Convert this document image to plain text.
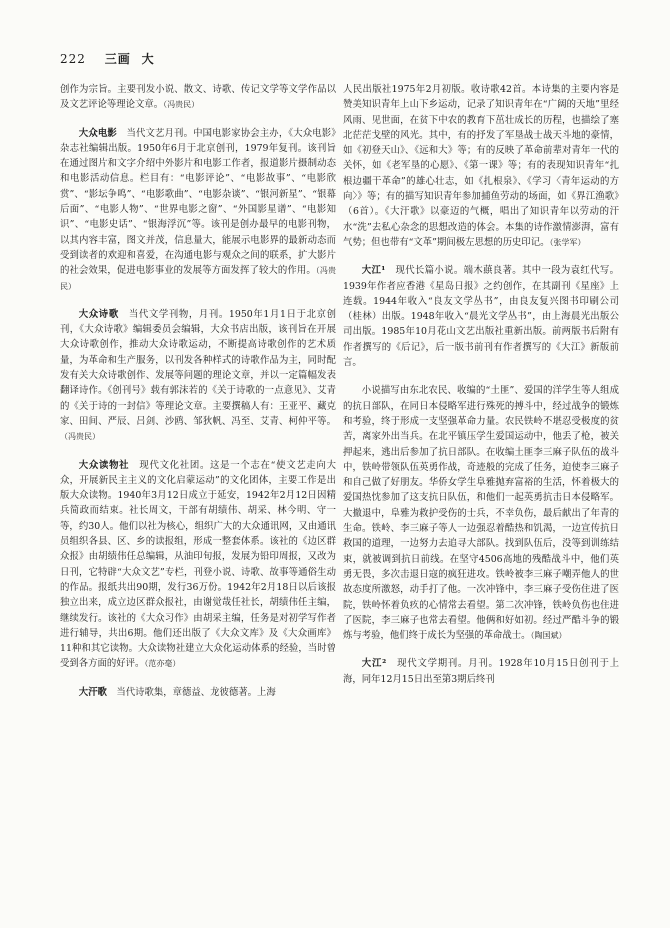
222 三画 大

创作为宗旨。主要刊发小说、散文、诗歌、传记文学等文学作品以及文艺评论等理论文章。（冯贵民）

大众电影　 当代文艺月刊。中国电影家协会主办，《大众电影》杂志社编辑出版。1950年6月于北京创刊，1979年复刊。该刊旨在通过图片和文字介绍中外影片和电影工作者，报道影片摄制动态和电影活动信息。栏目有：“电影评论”、“电影故事”、“电影欣赏”、“影坛争鸣”、“电影歌曲”、“电影杂谈”、“银河新星”、“银幕后面”、“电影人物”、“世界电影之窗”、“外国影星谱”、“电影知识”、“电影史话”、“银海浮沉”等。该刊是创办最早的电影刊物，以其内容丰富，图文并茂，信息量大，能展示电影界的最新动态而受到读者的欢迎和喜爱，在沟通电影与观众之间的联系，扩大影片的社会效果，促进电影事业的发展等方面发挥了较大的作用。（冯贵民）

大众诗歌　 当代文学刊物，月刊。1950年1月1日于北京创刊，《大众诗歌》编辑委员会编辑，大众书店出版，该刊旨在开展大众诗歌创作，推动大众诗歌运动，不断提高诗歌创作的艺术质量，为革命和生产服务，以刊发各种样式的诗歌作品为主，同时配发有关大众诗歌创作、发展等问题的理论文章，并以一定篇幅发表翻译诗作。《创刊号》载有郭沫若的《关于诗歌的一点意见》、艾青的《关于诗的一封信》等理论文章。主要撰稿人有：王亚平、藏克家、田间、严辰、吕剑、沙鸥、邹狄帆、冯至、艾青、柯仲平等。（冯贵民）

大众读物社　 现代文化社团。这是一个志在“使文艺走向大众，开展新民主主义的文化启蒙运动”的文化团体，主要工作是出版大众读物。1940年3月12日成立于延安，1942年2月12日因精兵简政而结束。社长周文，干部有胡绩伟、胡采、林今明、守一等，约30人。他们以社为核心，组织广大的大众通讯网，又由通讯员组织各县、区、乡的读报组，形成一整套体系。该社的《边区群众报》由胡绩伟任总编辑，从油印旬报，发展为铅印周报，又改为日刊，它特辟“大众文艺”专栏，刊登小说、诗歌、故事等通俗生动的作品。报纸共出90期，发行36万份。1942年2月18日以后该报独立出来，成立边区群众报社，由谢觉哉任社长，胡绩伟任主编，继续发行。该社的《大众习作》由胡采主编，任务是对初学写作者进行辅导，共出6期。他们还出版了《大众文库》及《大众画库》11种和其它读物。大众读物社建立大众化运动体系的经验，当时曾受到各方面的好评。（范亦毫）

大汗歌　 当代诗歌集，章德益、龙彼德著。上海

人民出版社1975年2月初版。收诗歌42首。本诗集的主要内容是赞美知识青年上山下乡运动，记录了知识青年在“广阔的天地”里经风雨、见世面，在贫下中农的教育下茁壮成长的历程，也描绘了塞北茫茫戈壁的风光。其中，有的抒发了军垦战士战天斗地的豪情，如《初登天山》、《远和大》等；有的反映了革命前辈对青年一代的关怀，如《老军垦的心愿》、《第一课》等；有的表现知识青年“扎根边疆干革命”的雄心壮志，如《扎根泉》、《学习〈青年运动的方向〉》等；有的描写知识青年参加捕鱼劳动的场面，如《界江渔歌》（6首）。《大汗歌》以豪迈的气概，唱出了知识青年以劳动的汗水“洗”去私心杂念的思想改造的体会。本集的诗作激情澎湃，富有气势；但也带有“文革”期间极左思想的历史印记。（张学军）

大江¹　 现代长篇小说。端木蕻良著。其中一段为袁红代写。1939年作者应香港《星岛日报》之约创作，在其副刊《星座》上连载。1944年收入“良友文学丛书”，由良友复兴图书印刷公司（桂林）出版。1948年收入“晨光文学丛书”，由上海晨光出版公司出版。1985年10月花山文艺出版社重新出版。前两版书后附有作者撰写的《后记》，后一版书前刊有作者撰写的《大江》新版前言。

小说描写由东北农民、收编的“土匪”、爱国的洋学生等人组成的抗日部队，在同日本侵略军进行殊死的搏斗中，经过战争的锻炼和考验，终于形成一支坚强革命力量。农民铁岭不堪忍受极度的贫苦，离家外出当兵。在北平镇压学生爱国运动中，他丢了枪，被关押起来，逃出后参加了抗日部队。在收编土匪李三麻子队伍的战斗中，铁岭带领队伍英勇作战，奇迹般的完成了任务，迫使李三麻子和自己做了好朋友。华侨女学生阜雅抛弃富裕的生活，怀着极大的爱国热忱参加了这支抗日队伍，和他们一起英勇抗击日本侵略军。大撤退中，阜雅为救护受伤的士兵，不幸负伤，最后献出了年青的生命。铁岭、李三麻子等人一边强忍着酷热和饥渴，一边宣传抗日救国的道理，一边努力去追寻大部队。找到队伍后，没等到训练结束，就被调到抗日前线。在坚守4506高地的残酷战斗中，他们英勇无畏，多次击退日寇的疯狂进攻。铁岭被李三麻子嘲弄他人的世故态度所激怒，动手打了他。一次冲锋中，李三麻子受伤住进了医院，铁岭怀着负疚的心情常去看望。第二次冲锋，铁岭负伤也住进了医院，李三麻子也常去看望。他俩和好如初。经过严酷斗争的锻炼与考验，他们终于成长为坚强的革命战士。（陶国斌）

大江²　 现代文学期刊。月刊。1928年10月15日创刊于上海，同年12月15日出至第3期后终刊
